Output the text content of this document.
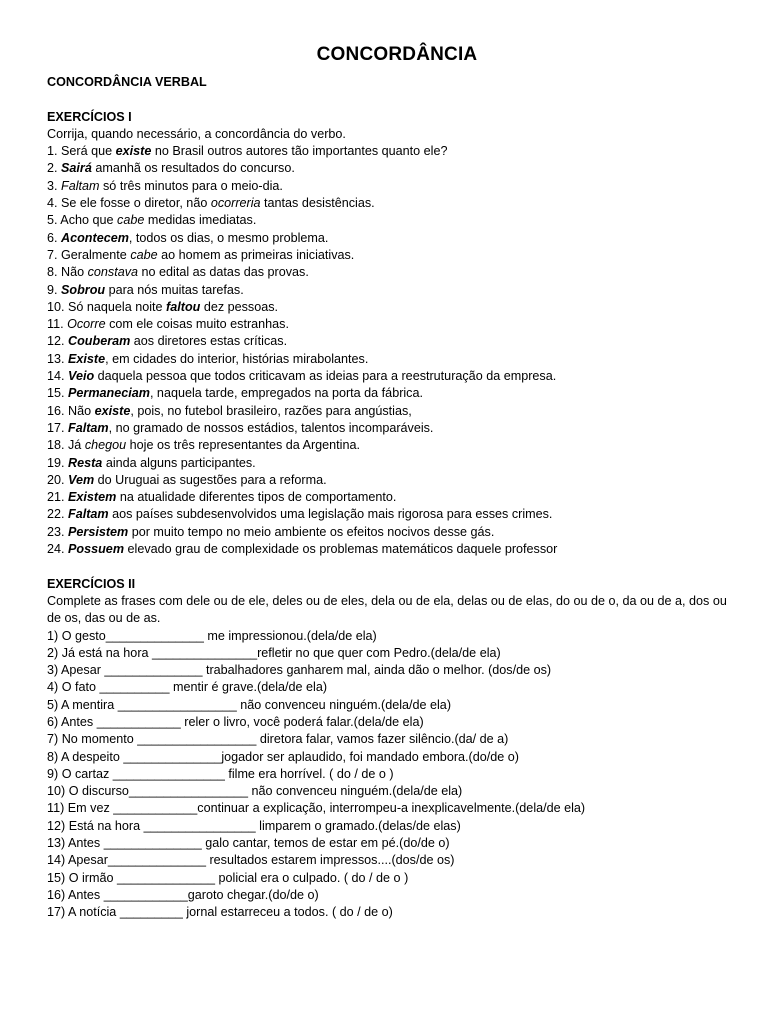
CONCORDÂNCIA
CONCORDÂNCIA VERBAL
EXERCÍCIOS I
Corrija, quando necessário, a concordância do verbo.
1. Será que existe no Brasil outros autores tão importantes quanto ele?
2. Sairá amanhã os resultados do concurso.
3. Faltam só três minutos para o meio-dia.
4. Se ele fosse o diretor, não ocorreria tantas desistências.
5. Acho que cabe medidas imediatas.
6. Acontecem, todos os dias, o mesmo problema.
7. Geralmente cabe ao homem as primeiras iniciativas.
8. Não constava no edital as datas das provas.
9. Sobrou para nós muitas tarefas.
10. Só naquela noite faltou dez pessoas.
11. Ocorre com ele coisas muito estranhas.
12. Couberam aos diretores estas críticas.
13. Existe, em cidades do interior, histórias mirabolantes.
14. Veio daquela pessoa que todos criticavam as ideias para a reestruturação da empresa.
15. Permaneciam, naquela tarde, empregados na porta da fábrica.
16. Não existe, pois, no futebol brasileiro, razões para angústias,
17. Faltam, no gramado de nossos estádios, talentos incomparáveis.
18. Já chegou hoje os três representantes da Argentina.
19. Resta ainda alguns participantes.
20. Vem do Uruguai as sugestões para a reforma.
21. Existem na atualidade diferentes tipos de comportamento.
22. Faltam aos países subdesenvolvidos uma legislação mais rigorosa para esses crimes.
23. Persistem por muito tempo no meio ambiente os efeitos nocivos desse gás.
24. Possuem elevado grau de complexidade os problemas matemáticos daquele professor
EXERCÍCIOS II
Complete as frases com dele ou de ele, deles ou de eles, dela ou de ela, delas ou de elas, do ou de o, da ou de a, dos ou de os, das ou de as.
1) O gesto______________ me impressionou.(dela/de ela)
2) Já está na hora _______________refletir no que quer com Pedro.(dela/de ela)
3) Apesar ______________ trabalhadores ganharem mal, ainda dão o melhor. (dos/de os)
4) O fato __________ mentir é grave.(dela/de ela)
5) A mentira _________________ não convenceu ninguém.(dela/de ela)
6) Antes ____________ reler o livro, você poderá falar.(dela/de ela)
7) No momento _________________ diretora falar, vamos fazer silêncio.(da/ de a)
8) A despeito ______________jogador ser aplaudido, foi mandado embora.(do/de o)
9) O cartaz ________________ filme era horrível. ( do / de o )
10) O discurso_________________ não convenceu ninguém.(dela/de ela)
11) Em vez ____________continuar a explicação, interrompeu-a inexplicavelmente.(dela/de ela)
12) Está na hora ________________ limparem o gramado.(delas/de elas)
13) Antes ______________ galo cantar, temos de estar em pé.(do/de o)
14) Apesar______________ resultados estarem impressos....(dos/de os)
15) O irmão ______________ policial era o culpado. ( do / de o )
16) Antes ____________garoto chegar.(do/de o)
17) A notícia _________ jornal estarreceu a todos. ( do / de o)
